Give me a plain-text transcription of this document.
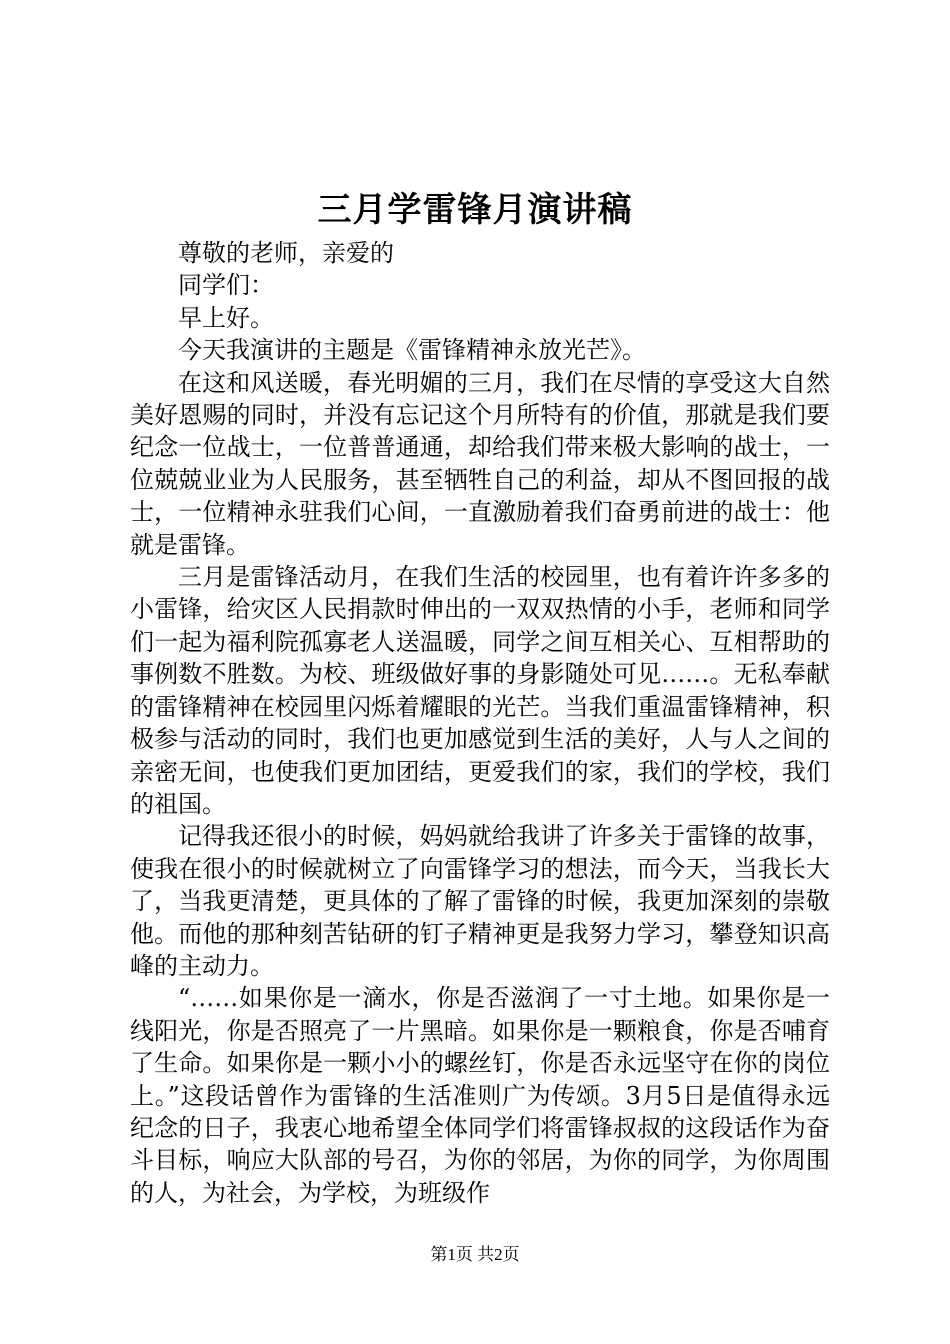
三月学雷锋月演讲稿

尊敬的老师，亲爱的

同学们：

早上好。

今天我演讲的主题是《雷锋精神永放光芒》。

在这和风送暖，春光明媚的三月，我们在尽情的享受这大自然美好恩赐的同时，并没有忘记这个月所特有的价值，那就是我们要纪念一位战士，一位普普通通，却给我们带来极大影响的战士，一位兢兢业业为人民服务，甚至牺牲自己的利益，却从不图回报的战士，一位精神永驻我们心间，一直激励着我们奋勇前进的战士：他就是雷锋。

三月是雷锋活动月，在我们生活的校园里，也有着许许多多的小雷锋，给灾区人民捐款时伸出的一双双热情的小手，老师和同学们一起为福利院孤寡老人送温暖，同学之间互相关心、互相帮助的事例数不胜数。为校、班级做好事的身影随处可见……。无私奉献的雷锋精神在校园里闪烁着耀眼的光芒。当我们重温雷锋精神，积极参与活动的同时，我们也更加感觉到生活的美好，人与人之间的亲密无间，也使我们更加团结，更爱我们的家，我们的学校，我们的祖国。

记得我还很小的时候，妈妈就给我讲了许多关于雷锋的故事，使我在很小的时候就树立了向雷锋学习的想法，而今天，当我长大了，当我更清楚，更具体的了解了雷锋的时候，我更加深刻的崇敬他。而他的那种刻苦钻研的钉子精神更是我努力学习，攀登知识高峰的主动力。

“……如果你是一滴水，你是否滋润了一寸土地。如果你是一线阳光，你是否照亮了一片黑暗。如果你是一颗粮食，你是否哺育了生命。如果你是一颗小小的螺丝钉，你是否永远坚守在你的岗位上。”这段话曾作为雷锋的生活准则广为传颂。3月5日是值得永远纪念的日子，我衷心地希望全体同学们将雷锋叔叔的这段话作为奋斗目标，响应大队部的号召，为你的邻居，为你的同学，为你周围的人，为社会，为学校，为班级作

第1页 共2页
